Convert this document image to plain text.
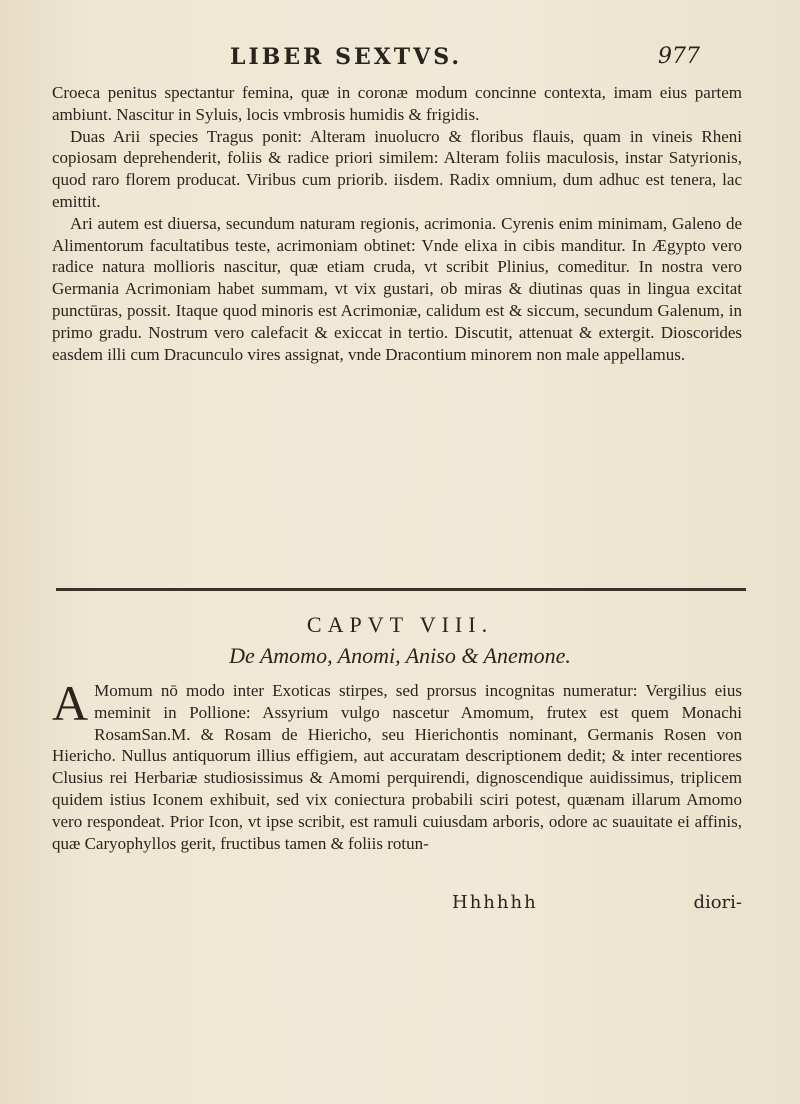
LIBER SEXTVS.	977

Croeca penitus spectantur femina, quæ in coronæ modum concinne contexta, imam eius partem ambiunt. Nascitur in Syluis, locis vmbrosis humidis & frigidis.

Duas Arii species Tragus ponit: Alteram inuolucro & floribus flauis, quam in vineis Rheni copiosam deprehenderit, foliis & radice priori similem: Alteram foliis maculosis, instar Satyrionis, quod raro florem producat. Viribus cum priorib. iisdem. Radix omnium, dum adhuc est tenera, lac emittit.

Ari autem est diuersa, secundum naturam regionis, acrimonia. Cyrenis enim minimam, Galeno de Alimentorum facultatibus teste, acrimoniam obtinet: Vnde elixa in cibis manditur. In Ægypto vero radice natura mollioris nascitur, quæ etiam cruda, vt scribit Plinius, comeditur. In nostra vero Germania Acrimoniam habet summam, vt vix gustari, ob miras & diutinas quas in lingua excitat punctūras, possit. Itaque quod minoris est Acrimoniæ, calidum est & siccum, secundum Galenum, in primo gradu. Nostrum vero calefacit & exiccat in tertio. Discutit, attenuat & extergit. Dioscorides easdem illi cum Dracunculo vires assignat, vnde Dracontium minorem non male appellamus.

CAPVT VIII.
De Amomo, Anomi, Aniso & Anemone.
A Momum nō modo inter Exoticas stirpes, sed prorsus incognitas numeratur: Vergilius eius meminit in Pollione: Assyrium vulgo nascetur Amomum, frutex est quem Monachi RosamSan.M. & Rosam de Hiericho, seu Hierichontis nominant, Germanis Rosen von Hiericho. Nullus antiquorum illius effigiem, aut accuratam descriptionem dedit; & inter recentiores Clusius rei Herbariæ studiosissimus & Amomi perquirendi, dignoscendique auidissimus, triplicem quidem istius Iconem exhibuit, sed vix coniectura probabili sciri potest, quænam illarum Amomo vero respondeat. Prior Icon, vt ipse scribit, est ramuli cuiusdam arboris, odore ac suauitate ei affinis, quæ Caryophyllos gerit, fructibus tamen & foliis rotun-

Hhhhhh	diori-
